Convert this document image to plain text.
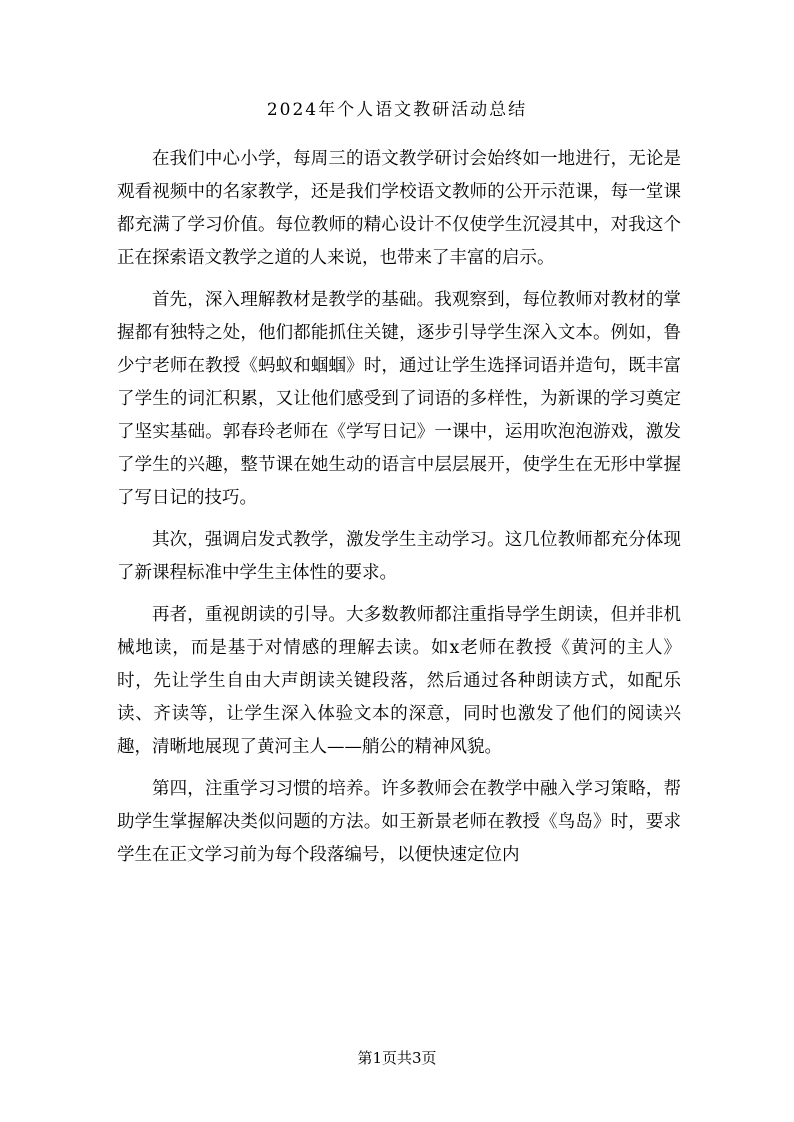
2024年个人语文教研活动总结

在我们中心小学，每周三的语文教学研讨会始终如一地进行，无论是观看视频中的名家教学，还是我们学校语文教师的公开示范课，每一堂课都充满了学习价值。每位教师的精心设计不仅使学生沉浸其中，对我这个正在探索语文教学之道的人来说，也带来了丰富的启示。

首先，深入理解教材是教学的基础。我观察到，每位教师对教材的掌握都有独特之处，他们都能抓住关键，逐步引导学生深入文本。例如，鲁少宁老师在教授《蚂蚁和蝈蝈》时，通过让学生选择词语并造句，既丰富了学生的词汇积累，又让他们感受到了词语的多样性，为新课的学习奠定了坚实基础。郭春玲老师在《学写日记》一课中，运用吹泡泡游戏，激发了学生的兴趣，整节课在她生动的语言中层层展开，使学生在无形中掌握了写日记的技巧。

其次，强调启发式教学，激发学生主动学习。这几位教师都充分体现了新课程标准中学生主体性的要求。

再者，重视朗读的引导。大多数教师都注重指导学生朗读，但并非机械地读，而是基于对情感的理解去读。如x老师在教授《黄河的主人》时，先让学生自由大声朗读关键段落，然后通过各种朗读方式，如配乐读、齐读等，让学生深入体验文本的深意，同时也激发了他们的阅读兴趣，清晰地展现了黄河主人——艄公的精神风貌。

第四，注重学习习惯的培养。许多教师会在教学中融入学习策略，帮助学生掌握解决类似问题的方法。如王新景老师在教授《鸟岛》时，要求学生在正文学习前为每个段落编号，以便快速定位内

第1页共3页
